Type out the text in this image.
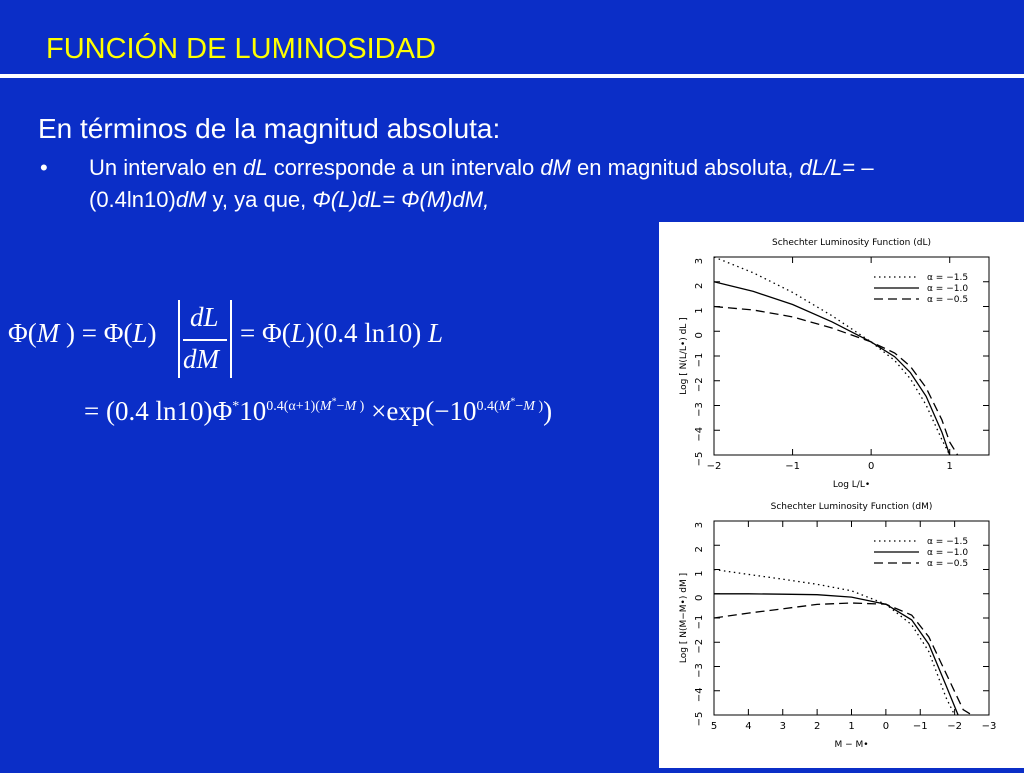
FUNCIÓN DE LUMINOSIDAD
En términos de la magnitud absoluta:
• Un intervalo en dL corresponde a un intervalo dM en magnitud absoluta, dL/L= –(0.4ln10)dM y, ya que, Φ(L)dL= Φ(M)dM,
Φ(M ) = Φ(L)
dL
dM
= Φ(L)(0.4 ln10) L
= (0.4 $\ln 10)\Phi^*10^{0.4(\alpha+1)(M^*-M )} \times\exp(-10^{0.4(M^*-M )})$
Schechter Luminosity Function (dL)
−2	−1	0	1
3
2
1
0
−1
−2
−3
−4
−5
Log L/L•
Log [ N(L/L•) dL ]
α = −1.5
α = −1.0
α = −0.5
Schechter Luminosity Function (dM)
5	4	3	2	1	0 −1 −2 −3
3
2
1
0
−1
−2
−3
−4
−5
M − M•
Log [ N(M−M•) dM ]
α = −1.5
α = −1.0
α = −0.5
